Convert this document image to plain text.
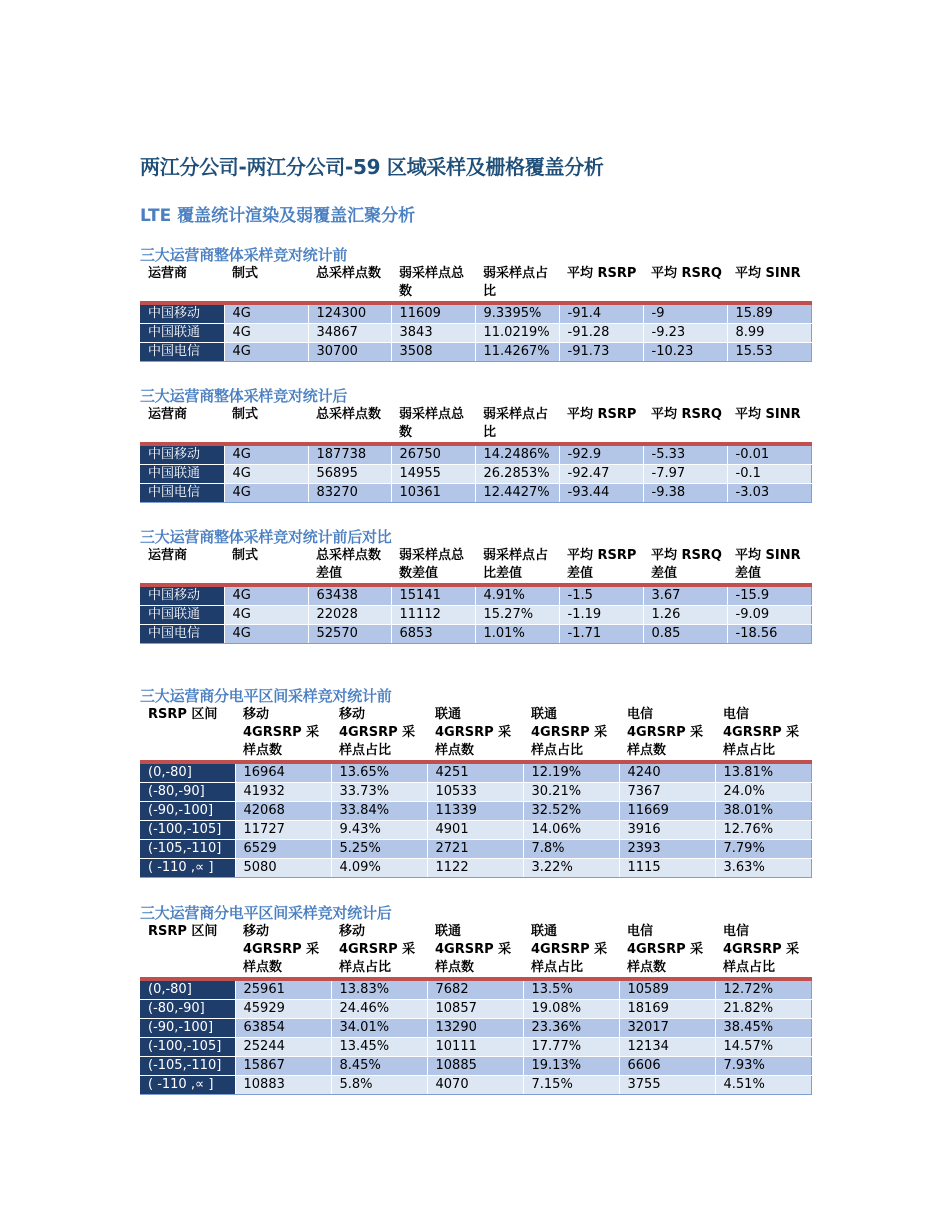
两江分公司-两江分公司-59 区域采样及栅格覆盖分析
LTE 覆盖统计渲染及弱覆盖汇聚分析
三大运营商整体采样竞对统计前
运营商	制式	总采样点数	弱采样点总数	弱采样点占比	平均 RSRP	平均 RSRQ	平均 SINR
中国移动	4G	124300	11609	9.3395%	-91.4	-9	15.89
中国联通	4G	34867	3843	11.0219%	-91.28	-9.23	8.99
中国电信	4G	30700	3508	11.4267%	-91.73	-10.23	15.53
三大运营商整体采样竞对统计后
运营商	制式	总采样点数	弱采样点总数	弱采样点占比	平均 RSRP	平均 RSRQ	平均 SINR
中国移动	4G	187738	26750	14.2486%	-92.9	-5.33	-0.01
中国联通	4G	56895	14955	26.2853%	-92.47	-7.97	-0.1
中国电信	4G	83270	10361	12.4427%	-93.44	-9.38	-3.03
三大运营商整体采样竞对统计前后对比
运营商	制式	总采样点数差值	弱采样点总数差值	弱采样点占比差值	平均 RSRP 差值	平均 RSRQ 差值	平均 SINR 差值
中国移动	4G	63438	15141	4.91%	-1.5	3.67	-15.9
中国联通	4G	22028	11112	15.27%	-1.19	1.26	-9.09
中国电信	4G	52570	6853	1.01%	-1.71	0.85	-18.56
三大运营商分电平区间采样竞对统计前
RSRP 区间	移动 4GRSRP 采样点数	移动 4GRSRP 采样点占比	联通 4GRSRP 采样点数	联通 4GRSRP 采样点占比	电信 4GRSRP 采样点数	电信 4GRSRP 采样点占比
(0,-80]	16964	13.65%	4251	12.19%	4240	13.81%
(-80,-90]	41932	33.73%	10533	30.21%	7367	24.0%
(-90,-100]	42068	33.84%	11339	32.52%	11669	38.01%
(-100,-105]	11727	9.43%	4901	14.06%	3916	12.76%
(-105,-110]	6529	5.25%	2721	7.8%	2393	7.79%
( -110 ,∝ ]	5080	4.09%	1122	3.22%	1115	3.63%
三大运营商分电平区间采样竞对统计后
RSRP 区间	移动 4GRSRP 采样点数	移动 4GRSRP 采样点占比	联通 4GRSRP 采样点数	联通 4GRSRP 采样点占比	电信 4GRSRP 采样点数	电信 4GRSRP 采样点占比
(0,-80]	25961	13.83%	7682	13.5%	10589	12.72%
(-80,-90]	45929	24.46%	10857	19.08%	18169	21.82%
(-90,-100]	63854	34.01%	13290	23.36%	32017	38.45%
(-100,-105]	25244	13.45%	10111	17.77%	12134	14.57%
(-105,-110]	15867	8.45%	10885	19.13%	6606	7.93%
( -110 ,∝ ]	10883	5.8%	4070	7.15%	3755	4.51%
